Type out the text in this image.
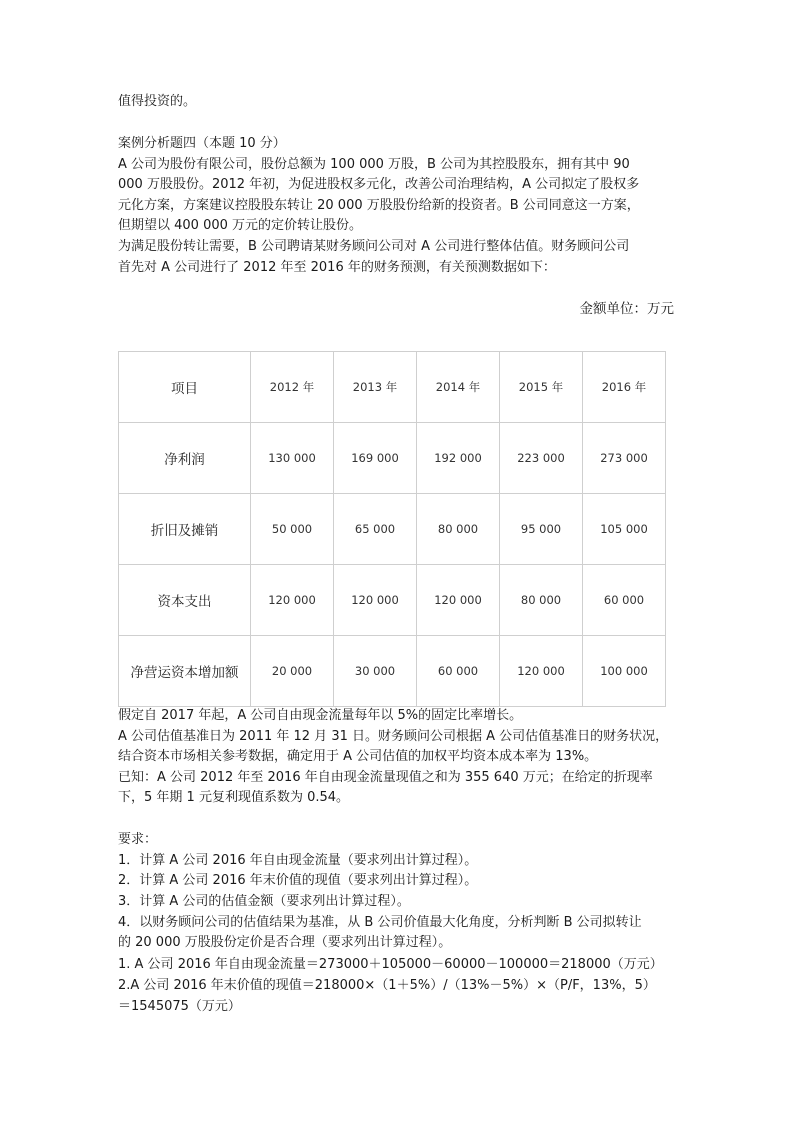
值得投资的。
案例分析题四（本题 10 分）
A 公司为股份有限公司，股份总额为 100 000 万股，B 公司为其控股股东，拥有其中 90
000 万股股份。2012 年初，为促进股权多元化，改善公司治理结构，A 公司拟定了股权多
元化方案，方案建议控股股东转让 20 000 万股股份给新的投资者。B 公司同意这一方案，
但期望以 400 000 万元的定价转让股份。
为满足股份转让需要，B 公司聘请某财务顾问公司对 A 公司进行整体估值。财务顾问公司
首先对 A 公司进行了 2012 年至 2016 年的财务预测，有关预测数据如下：
金额单位：万元
项目	2012 年	2013 年	2014 年	2015 年	2016 年
净利润	130 000	169 000	192 000	223 000	273 000
折旧及摊销	50 000	65 000	80 000	95 000	105 000
资本支出	120 000	120 000	120 000	80 000	60 000
净营运资本增加额	20 000	30 000	60 000	120 000	100 000
假定自 2017 年起，A 公司自由现金流量每年以 5%的固定比率增长。
A 公司估值基准日为 2011 年 12 月 31 日。财务顾问公司根据 A 公司估值基准日的财务状况，
结合资本市场相关参考数据，确定用于 A 公司估值的加权平均资本成本率为 13%。
已知：A 公司 2012 年至 2016 年自由现金流量现值之和为 355 640 万元；在给定的折现率
下，5 年期 1 元复利现值系数为 0.54。
要求：
1．计算 A 公司 2016 年自由现金流量（要求列出计算过程）。
2．计算 A 公司 2016 年末价值的现值（要求列出计算过程）。
3．计算 A 公司的估值金额（要求列出计算过程）。
4．以财务顾问公司的估值结果为基准，从 B 公司价值最大化角度，分析判断 B 公司拟转让
的 20 000 万股股份定价是否合理（要求列出计算过程）。
1. A 公司 2016 年自由现金流量＝273000＋105000－60000－100000＝218000（万元）
2.A 公司 2016 年末价值的现值＝218000×（1＋5%）/（13%－5%）×（P/F，13%，5）
＝1545075（万元）
